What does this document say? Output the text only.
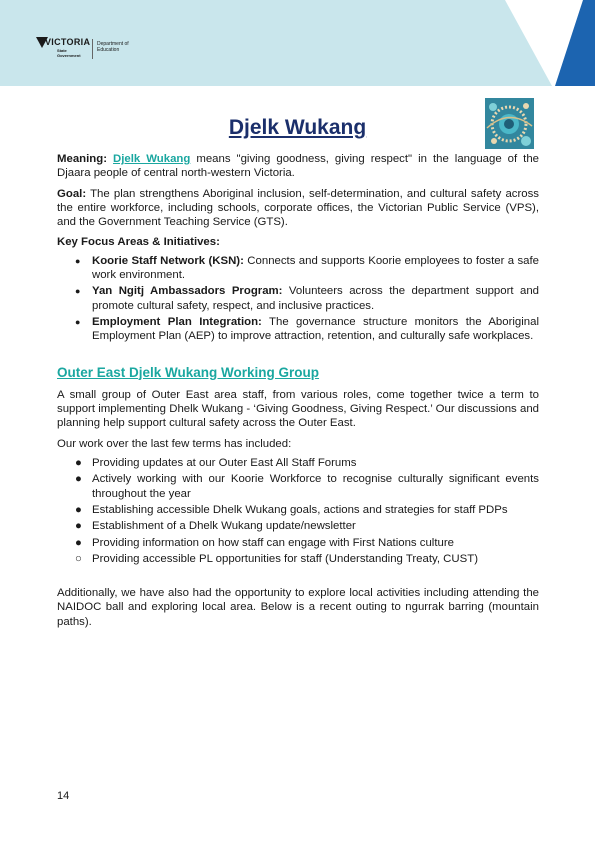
VICTORIA
State Government
Department of Education
Djelk Wukang

Meaning: Djelk Wukang means "giving goodness, giving respect" in the language of the Djaara people of central north-western Victoria.

Goal: The plan strengthens Aboriginal inclusion, self-determination, and cultural safety across the entire workforce, including schools, corporate offices, the Victorian Public Service (VPS), and the Government Teaching Service (GTS).

Key Focus Areas & Initiatives:

● Koorie Staff Network (KSN): Connects and supports Koorie employees to foster a safe work environment.
● Yan Ngitj Ambassadors Program: Volunteers across the department support and promote cultural safety, respect, and inclusive practices.
● Employment Plan Integration: The governance structure monitors the Aboriginal Employment Plan (AEP) to improve attraction, retention, and culturally safe workplaces.
Outer East Djelk Wukang Working Group

A small group of Outer East area staff, from various roles, come together twice a term to support implementing Dhelk Wukang - ‘Giving Goodness, Giving Respect.’ Our discussions and planning help support cultural safety across the Outer East.

Our work over the last few terms has included:

● Providing updates at our Outer East All Staff Forums
● Actively working with our Koorie Workforce to recognise culturally significant events throughout the year
● Establishing accessible Dhelk Wukang goals, actions and strategies for staff PDPs
● Establishment of a Dhelk Wukang update/newsletter
● Providing information on how staff can engage with First Nations culture
○ Providing accessible PL opportunities for staff (Understanding Treaty, CUST)

Additionally, we have also had the opportunity to explore local activities including attending the NAIDOC ball and exploring local area. Below is a recent outing to ngurrak barring (mountain paths).

14
